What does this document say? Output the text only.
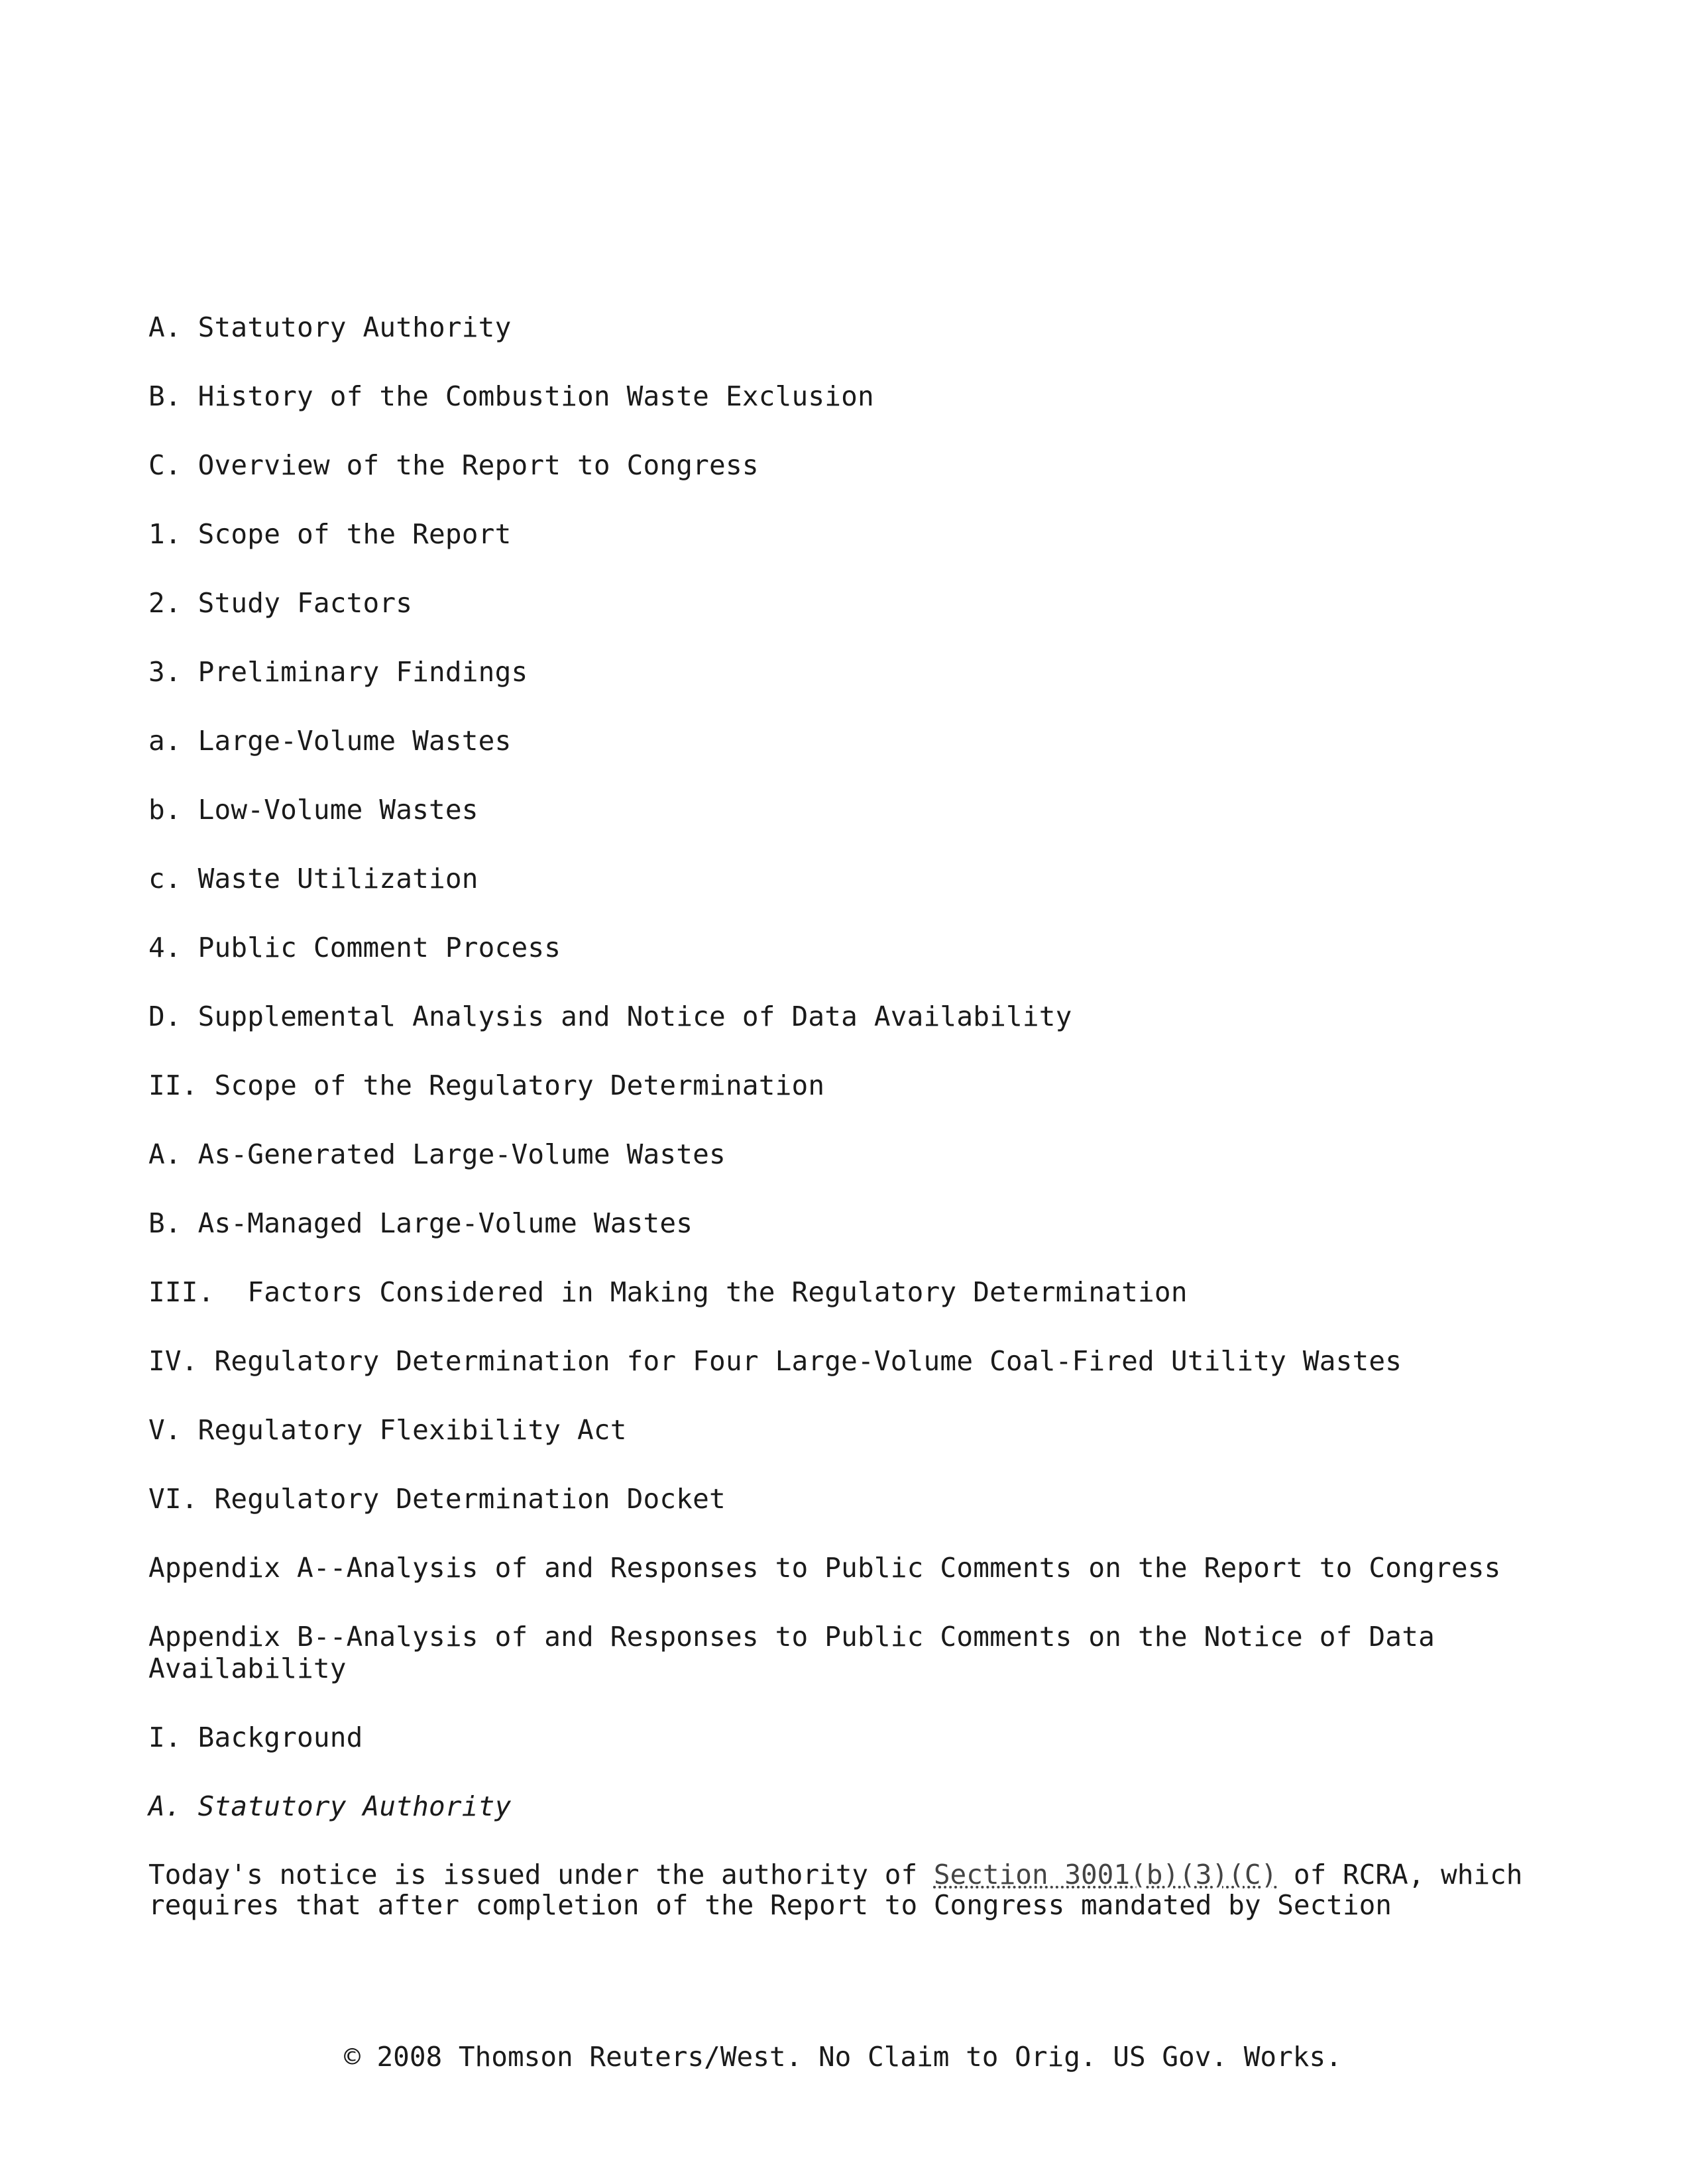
A. Statutory Authority
B. History of the Combustion Waste Exclusion
C. Overview of the Report to Congress
1. Scope of the Report
2. Study Factors
3. Preliminary Findings
a. Large-Volume Wastes
b. Low-Volume Wastes
c. Waste Utilization
4. Public Comment Process
D. Supplemental Analysis and Notice of Data Availability
II. Scope of the Regulatory Determination
A. As-Generated Large-Volume Wastes
B. As-Managed Large-Volume Wastes
III.  Factors Considered in Making the Regulatory Determination
IV. Regulatory Determination for Four Large-Volume Coal-Fired Utility Wastes
V. Regulatory Flexibility Act
VI. Regulatory Determination Docket
Appendix A--Analysis of and Responses to Public Comments on the Report to Congress
Appendix B--Analysis of and Responses to Public Comments on the Notice of Data Availability
I. Background
A. Statutory Authority

Today's notice is issued under the authority of Section 3001(b)(3)(C) of RCRA, which requires that after completion of the Report to Congress mandated by Section

© 2008 Thomson Reuters/West. No Claim to Orig. US Gov. Works.
